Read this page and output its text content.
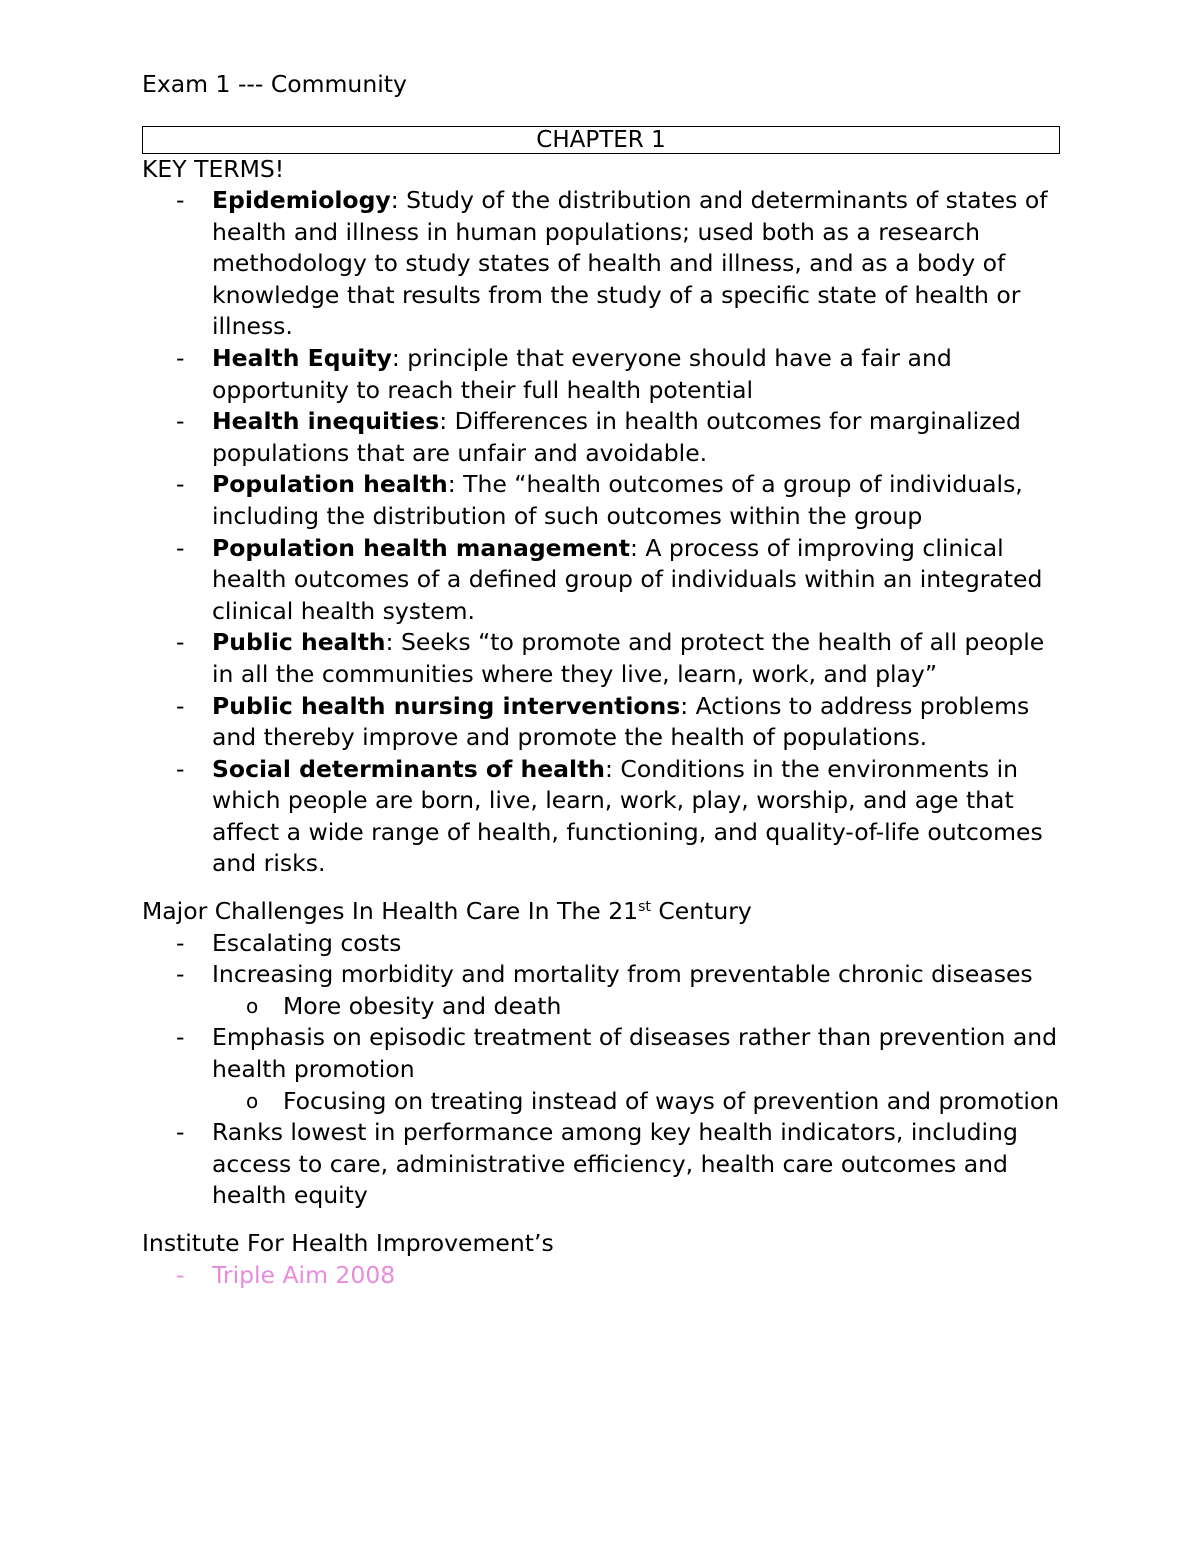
Exam 1 --- Community

CHAPTER 1

KEY TERMS!

- Epidemiology: Study of the distribution and determinants of states of health and illness in human populations; used both as a research methodology to study states of health and illness, and as a body of knowledge that results from the study of a specific state of health or illness.
- Health Equity: principle that everyone should have a fair and opportunity to reach their full health potential
- Health inequities: Differences in health outcomes for marginalized populations that are unfair and avoidable.
- Population health: The “health outcomes of a group of individuals, including the distribution of such outcomes within the group
- Population health management: A process of improving clinical health outcomes of a defined group of individuals within an integrated clinical health system.
- Public health: Seeks “to promote and protect the health of all people in all the communities where they live, learn, work, and play”
- Public health nursing interventions: Actions to address problems and thereby improve and promote the health of populations.
- Social determinants of health: Conditions in the environments in which people are born, live, learn, work, play, worship, and age that affect a wide range of health, functioning, and quality-of-life outcomes and risks.

Major Challenges In Health Care In The 21st Century

- Escalating costs
- Increasing morbidity and mortality from preventable chronic diseases
o More obesity and death
- Emphasis on episodic treatment of diseases rather than prevention and health promotion
o Focusing on treating instead of ways of prevention and promotion
- Ranks lowest in performance among key health indicators, including access to care, administrative efficiency, health care outcomes and health equity

Institute For Health Improvement’s

- Triple Aim 2008
